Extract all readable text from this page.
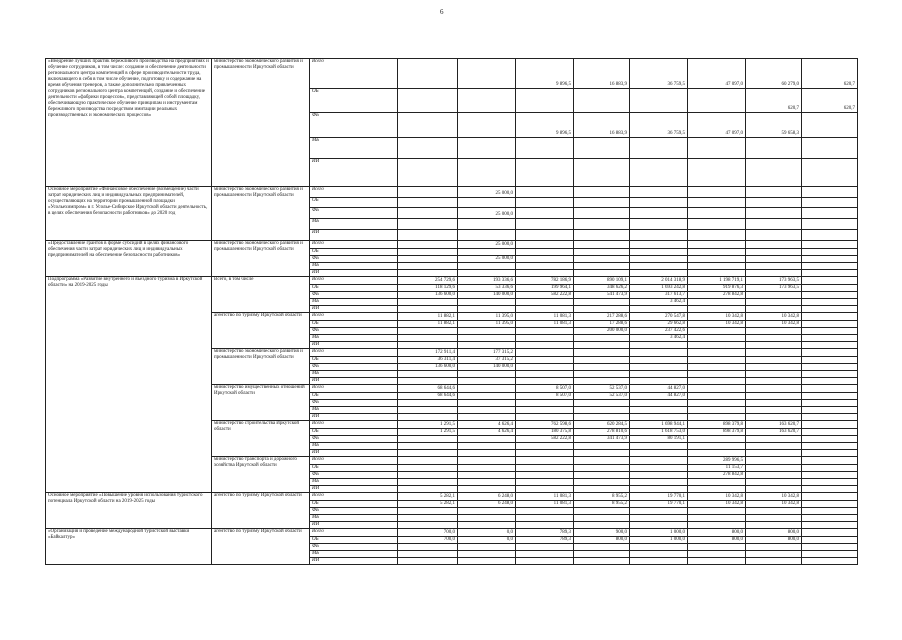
6
«Внедрение лучших практик бережливого производства на предприятиях и обучение сотрудников, в том числе: создание и обеспечение деятельности регионального центра компетенций в сфере производительности труда, включающего в себя в том числе обучение, подготовку и содержание на время обучения тренеров, а также дополнительно привлеченных сотрудников регионального центра компетенций, создание и обеспечение деятельности «фабрики процессов», представляющей собой площадку, обеспечивающую практическое обучение принципам и инструментам бережливого производства посредством имитации реальных производственных и экономических процессов»	министерство экономического развития и промышленности Иркутской области	Всего			9 896,5	16 883,9	36 759,5	47 097,0	60 279,0	620,7
		ОБ							620,7	620,7
		ФБ			9 896,5	16 883,9	36 759,5	47 097,0	59 658,3	
		МБ								
		ИИ								
Основное мероприятие «Финансовое обеспечение (возмещение) части затрат юридических лиц и индивидуальных предпринимателей, осуществляющих на территории промышленной площадки «Усольехимпром» в г. Усолье-Сибирское Иркутской области деятельность, в целях обеспечения безопасности работников» до 2020 год	министерство экономического развития и промышленности Иркутской области	Всего		25 000,0						
		ОБ								
		ФБ		25 000,0						
		МБ								
		ИИ								
«Предоставление грантов в форме субсидий в целях финансового обеспечения части затрат юридических лиц и индивидуальных предпринимателей на обеспечение безопасности работников»	министерство экономического развития и промышленности Иркутской области	Всего		25 000,0						
		ОБ								
		ФБ		25 000,0						
		МБ								
		ИИ								
Подпрограмма «Развитие внутреннего и въездного туризма в Иркутской области» на 2019-2025 годы	Всего, в том числе	Всего	254 729,6	193 336,6	782 186,9	890 109,1	2 014 318,9	1 198 719,1	173 963,5	
		ОБ	118 129,6	53 336,6	199 964,1	348 626,2	1 693 242,8	919 876,3	173 963,5	
		ФБ	136 600,0	140 000,0	582 222,8	541 473,9	317 613,7	278 842,8		
		МБ					3 462,4			
		ИИ								
	агентство по туризму Иркутской области	Всего	11 882,1	11 395,0	11 081,3	217 288,6	270 547,8	10 342,8	10 342,8	
		ОБ	11 882,1	11 395,0	11 081,3	17 288,6	29 662,8	10 342,8	10 342,8	
		ФБ				200 000,0	237 422,6			
		МБ					3 462,4			
		ИИ								
	министерство экономического развития и промышленности Иркутской области	Всего	172 911,4	177 315,2						
		ОБ	36 311,4	37 315,2						
		ФБ	136 600,0	140 000,0						
		МБ								
		ИИ								
	министерство имущественных отношений Иркутской области	Всего	68 644,6		8 507,0	52 537,0	44 827,0			
		ОБ	68 644,6		8 507,0	52 537,0	44 827,0			
		ФБ								
		МБ								
		ИИ								
	министерство строительства Иркутской области	Всего	1 291,5	4 626,4	762 598,6	620 284,5	1 698 944,1	898 379,8	163 620,7	
		ОБ	1 291,5	4 626,4	180 375,8	278 810,6	1 618 753,0	898 379,8	163 620,7	
		ФБ			582 222,8	341 473,9	80 191,1			
		МБ								
		ИИ								
	министерство транспорта и дорожного хозяйства Иркутской области	Всего						289 996,5		
		ОБ						11 153,7		
		ФБ						278 842,8		
		МБ								
		ИИ								
Основное мероприятие «Повышение уровня использования туристского потенциала Иркутской области на 2019-2025 годы	агентство по туризму Иркутской области	Всего	5 282,1	6 248,0	11 081,3	8 955,2	19 770,1	10 342,8	10 342,8	
		ОБ	5 282,1	6 248,0	11 081,3	8 955,2	19 770,1	10 342,8	10 342,8	
		ФБ								
		МБ								
		ИИ								
«Организация и проведение международной туристской выставки «Байкалтур»	агентство по туризму Иркутской области	Всего	700,0	0,0	789,3	900,0	1 000,0	800,0	800,0	
		ОБ	700,0	0,0	789,3	800,0	1 000,0	800,0	800,0	
		ФБ								
		МБ								
		ИИ								
